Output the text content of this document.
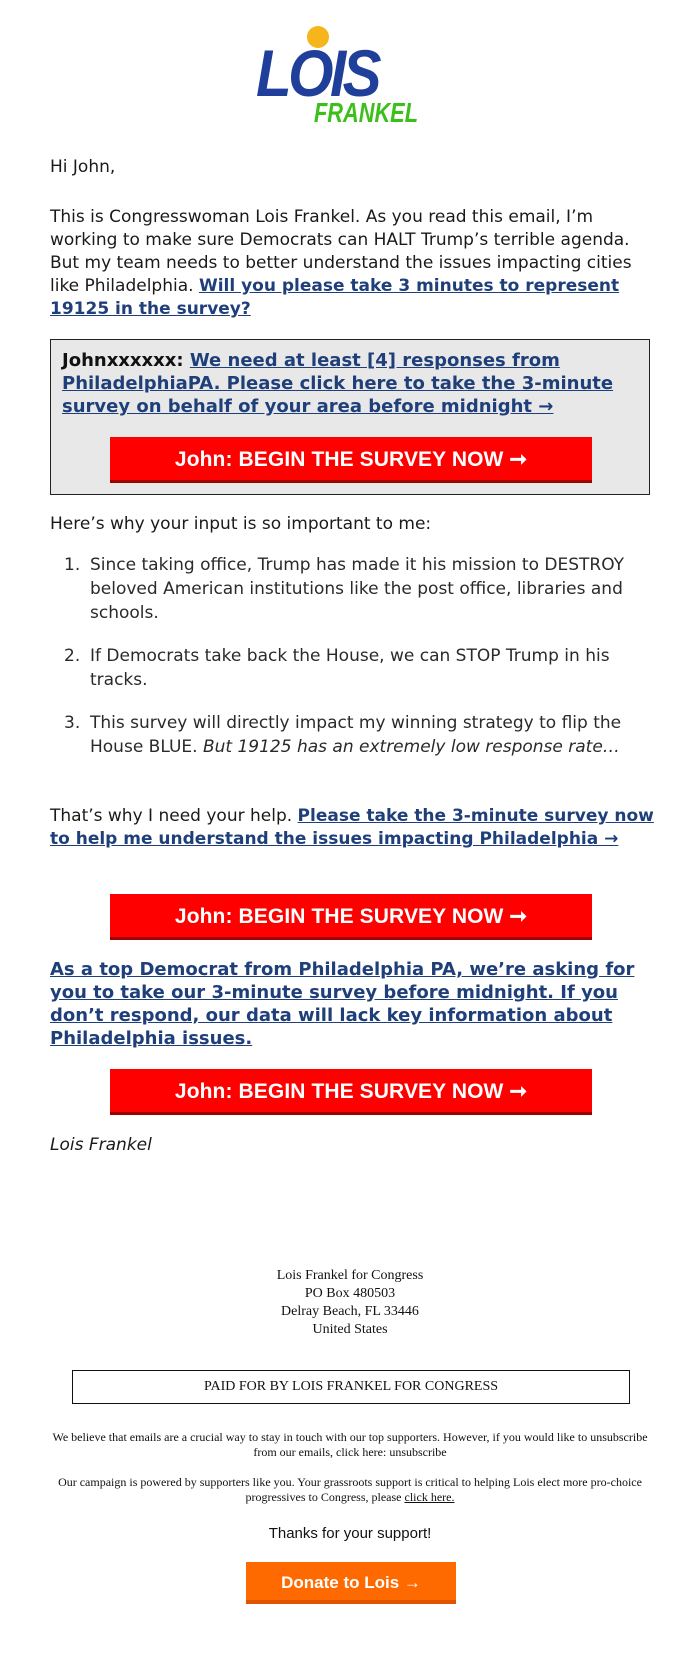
LOIS
FRANKEL
Hi John,
This is Congresswoman Lois Frankel. As you read this email, I’m working to make sure Democrats can HALT Trump’s terrible agenda. But my team needs to better understand the issues impacting cities like Philadelphia. Will you please take 3 minutes to represent 19125 in the survey?
Johnxxxxxx: We need at least [4] responses from PhiladelphiaPA. Please click here to take the 3-minute survey on behalf of your area before midnight →
John: BEGIN THE SURVEY NOW ➞
Here’s why your input is so important to me:
1. Since taking office, Trump has made it his mission to DESTROY beloved American institutions like the post office, libraries and schools.
2. If Democrats take back the House, we can STOP Trump in his tracks.
3. This survey will directly impact my winning strategy to flip the House BLUE. But 19125 has an extremely low response rate…
That’s why I need your help. Please take the 3-minute survey now to help me understand the issues impacting Philadelphia →
John: BEGIN THE SURVEY NOW ➞
As a top Democrat from Philadelphia PA, we’re asking for you to take our 3-minute survey before midnight. If you don’t respond, our data will lack key information about Philadelphia issues.
John: BEGIN THE SURVEY NOW ➞
Lois Frankel
Lois Frankel for Congress
PO Box 480503
Delray Beach, FL 33446
United States
PAID FOR BY LOIS FRANKEL FOR CONGRESS
We believe that emails are a crucial way to stay in touch with our top supporters. However, if you would like to unsubscribe from our emails, click here: unsubscribe
Our campaign is powered by supporters like you. Your grassroots support is critical to helping Lois elect more pro-choice progressives to Congress, please click here.
Thanks for your support!
Donate to Lois →
